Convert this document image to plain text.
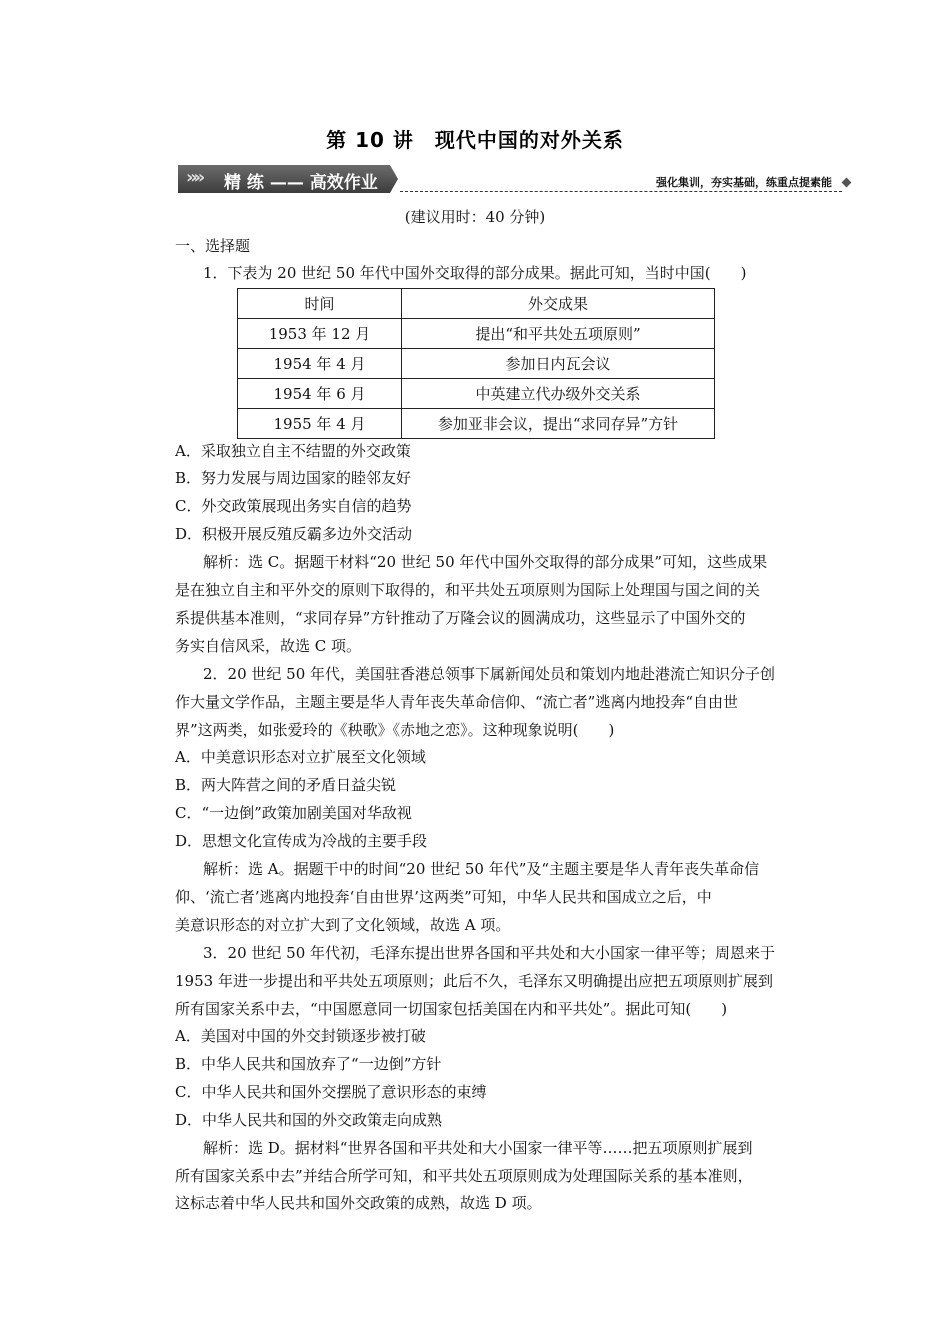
第 10 讲　现代中国的对外关系
»» 精 练 —— 高效作业	强化集训，夯实基础，练重点提素能
(建议用时：40 分钟)
一、选择题
1．下表为 20 世纪 50 年代中国外交取得的部分成果。据此可知，当时中国(　　)
时间	外交成果
1953 年 12 月	提出“和平共处五项原则”
1954 年 4 月	参加日内瓦会议
1954 年 6 月	中英建立代办级外交关系
1955 年 4 月	参加亚非会议，提出“求同存异”方针
A．采取独立自主不结盟的外交政策
B．努力发展与周边国家的睦邻友好
C．外交政策展现出务实自信的趋势
D．积极开展反殖反霸多边外交活动
解析：选 C。据题干材料“20 世纪 50 年代中国外交取得的部分成果”可知，这些成果
是在独立自主和平外交的原则下取得的，和平共处五项原则为国际上处理国与国之间的关
系提供基本准则，“求同存异”方针推动了万隆会议的圆满成功，这些显示了中国外交的
务实自信风采，故选 C 项。
2．20 世纪 50 年代，美国驻香港总领事下属新闻处员和策划内地赴港流亡知识分子创
作大量文学作品，主题主要是华人青年丧失革命信仰、“流亡者”逃离内地投奔“自由世
界”这两类，如张爱玲的《秧歌》《赤地之恋》。这种现象说明(　　)
A．中美意识形态对立扩展至文化领域
B．两大阵营之间的矛盾日益尖锐
C．“一边倒”政策加剧美国对华敌视
D．思想文化宣传成为冷战的主要手段
解析：选 A。据题干中的时间“20 世纪 50 年代”及“主题主要是华人青年丧失革命信
仰、‘流亡者’逃离内地投奔‘自由世界’这两类”可知，中华人民共和国成立之后，中
美意识形态的对立扩大到了文化领域，故选 A 项。
3．20 世纪 50 年代初，毛泽东提出世界各国和平共处和大小国家一律平等；周恩来于
1953 年进一步提出和平共处五项原则；此后不久，毛泽东又明确提出应把五项原则扩展到
所有国家关系中去，“中国愿意同一切国家包括美国在内和平共处”。据此可知(　　)
A．美国对中国的外交封锁逐步被打破
B．中华人民共和国放弃了“一边倒”方针
C．中华人民共和国外交摆脱了意识形态的束缚
D．中华人民共和国的外交政策走向成熟
解析：选 D。据材料“世界各国和平共处和大小国家一律平等……把五项原则扩展到
所有国家关系中去”并结合所学可知，和平共处五项原则成为处理国际关系的基本准则，
这标志着中华人民共和国外交政策的成熟，故选 D 项。
